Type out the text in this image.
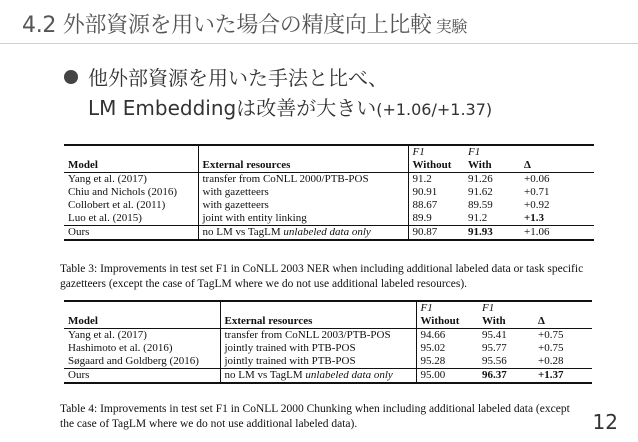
4.2 外部資源を用いた場合の精度向上比較 実験
他外部資源を用いた手法と比べ、
LM Embeddingは改善が大きい(+1.06/+1.37)
		F1	F1	
Model	External resources	Without	With	Δ
Yang et al. (2017)	transfer from CoNLL 2000/PTB-POS	91.2	91.26	+0.06
Chiu and Nichols (2016)	with gazetteers	90.91	91.62	+0.71
Collobert et al. (2011)	with gazetteers	88.67	89.59	+0.92
Luo et al. (2015)	joint with entity linking	89.9	91.2	+1.3
Ours	no LM vs TagLM unlabeled data only	90.87	91.93	+1.06
Table 3: Improvements in test set F1 in CoNLL 2003 NER when including additional labeled data or task specific gazetteers (except the case of TagLM where we do not use additional labeled resources).
		F1	F1	
Model	External resources	Without	With	Δ
Yang et al. (2017)	transfer from CoNLL 2003/PTB-POS	94.66	95.41	+0.75
Hashimoto et al. (2016)	jointly trained with PTB-POS	95.02	95.77	+0.75
Søgaard and Goldberg (2016)	jointly trained with PTB-POS	95.28	95.56	+0.28
Ours	no LM vs TagLM unlabeled data only	95.00	96.37	+1.37
Table 4: Improvements in test set F1 in CoNLL 2000 Chunking when including additional labeled data (except the case of TagLM where we do not use additional labeled data).	12
